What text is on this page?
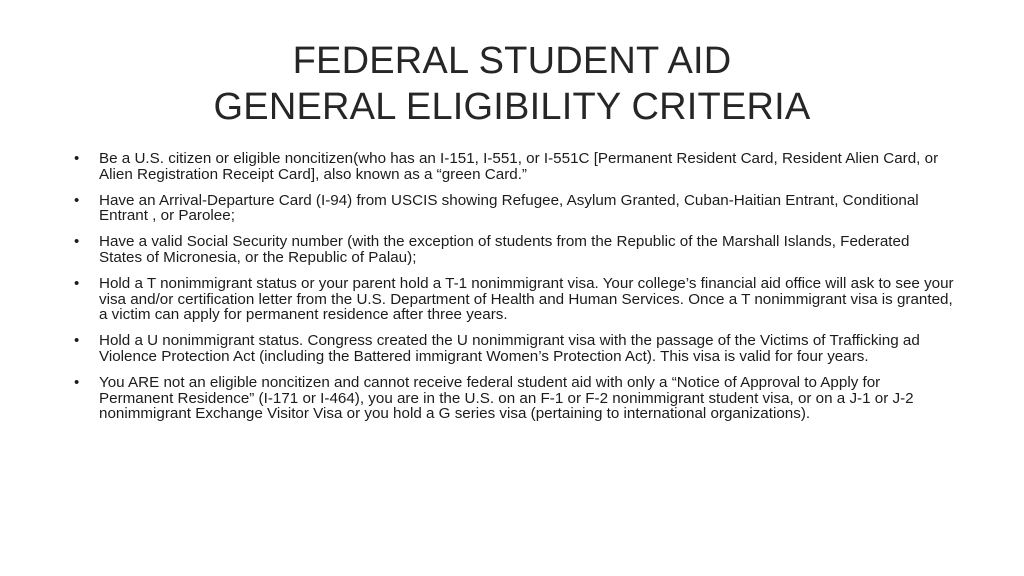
FEDERAL STUDENT AID
GENERAL ELIGIBILITY CRITERIA
• Be a U.S. citizen or eligible noncitizen(who has an I-151, I-551, or I-551C [Permanent Resident Card, Resident Alien Card, or Alien Registration Receipt Card], also known as a “green Card.”
• Have an Arrival-Departure Card (I-94) from USCIS showing Refugee, Asylum Granted, Cuban-Haitian Entrant, Conditional Entrant , or Parolee;
• Have a valid Social Security number (with the exception of students from the Republic of the Marshall Islands, Federated States of Micronesia, or the Republic of Palau);
• Hold a T nonimmigrant status or your parent hold a T-1 nonimmigrant visa. Your college’s financial aid office will ask to see your visa and/or certification letter from the U.S. Department of Health and Human Services. Once a T nonimmigrant visa is granted, a victim can apply for permanent residence after three years.
• Hold a U nonimmigrant status. Congress created the U nonimmigrant visa with the passage of the Victims of Trafficking ad Violence Protection Act (including the Battered immigrant Women’s Protection Act). This visa is valid for four years.
• You ARE not an eligible noncitizen and cannot receive federal student aid with only a “Notice of Approval to Apply for Permanent Residence” (I-171 or I-464), you are in the U.S. on an F-1 or F-2 nonimmigrant student visa, or on a J-1 or J-2 nonimmigrant Exchange Visitor Visa or you hold a G series visa (pertaining to international organizations).
